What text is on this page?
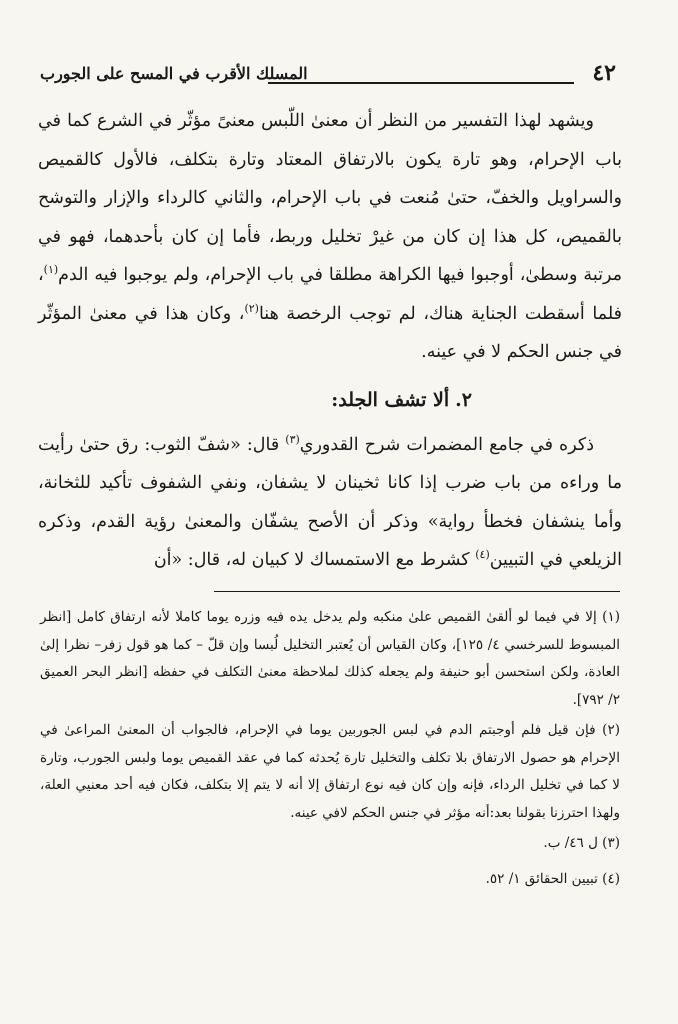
٤٢
المسلك الأقرب في المسح على الجورب

ويشهد لهذا التفسير من النظر أن معنىٰ اللّبس معنىً مؤثّر في الشرع كما في باب الإحرام، وهو تارة يكون بالارتفاق المعتاد وتارة بتكلف، فالأول كالقميص والسراويل والخفّ، حتىٰ مُنعت في باب الإحرام، والثاني كالرداء والإزار والتوشح بالقميص، كل هذا إن كان من غيرْ تخليل وربط، فأما إن كان بأحدهما، فهو في مرتبة وسطىٰ، أوجبوا فيها الكراهة مطلقا في باب الإحرام، ولم يوجبوا فيه الدم$^{(١)}$، فلما أسقطت الجناية هناك، لم توجب الرخصة هنا$^{(٢)}$، وكان هذا في معنىٰ المؤثّر في جنس الحكم لا في عينه.

٢.ألا تشف الجلد:

ذكره في جامع المضمرات شرح القدوري$^{(٣)}$ قال: «شفّ الثوب: رق حتىٰ رأيت ما وراءه من باب ضرب إذا كانا ثخينان لا يشفان، ونفي الشفوف تأكيد للثخانة، وأما ينشفان فخطأ رواية» وذكر أن الأصح يشفّان والمعنىٰ رؤية القدم، وذكره الزيلعي في التبيين$^{(٤)}$ كشرط مع الاستمساك لا كبيان له، قال: «أن

(١) إلا في فيما لو ألقىٰ القميص علىٰ منكبه ولم يدخل يده فيه وزره يوما كاملا لأنه ارتفاق كامل [انظر المبسوط للسرخسي ٤/ ١٢٥]، وكان القياس أن يُعتبر التخليل لُبسا وإن قلّ – كما هو قول زفر– نظرا إلىٰ العادة، ولكن استحسن أبو حنيفة ولم يجعله كذلك لملاحظة معنىٰ التكلف في حفظه [انظر البحر العميق ٢/ ٧٩٢].

(٢) فإن قيل فلم أوجبتم الدم في لبس الجوربين يوما في الإحرام، فالجواب أن المعنىٰ المراعىٰ في الإحرام هو حصول الارتفاق بلا تكلف والتخليل تارة يُحدثه كما في عقد القميص يوما ولبس الجورب، وتارة لا كما في تخليل الرداء، فإنه وإن كان فيه نوع ارتفاق إلا أنه لا يتم إلا بتكلف، فكان فيه أحد معنيي العلة، ولهذا احترزنا بقولنا بعد:أنه مؤثر في جنس الحكم لافي عينه.

(٣) ل ٤٦/ ب.

(٤) تبيين الحقائق ١/ ٥٢.
